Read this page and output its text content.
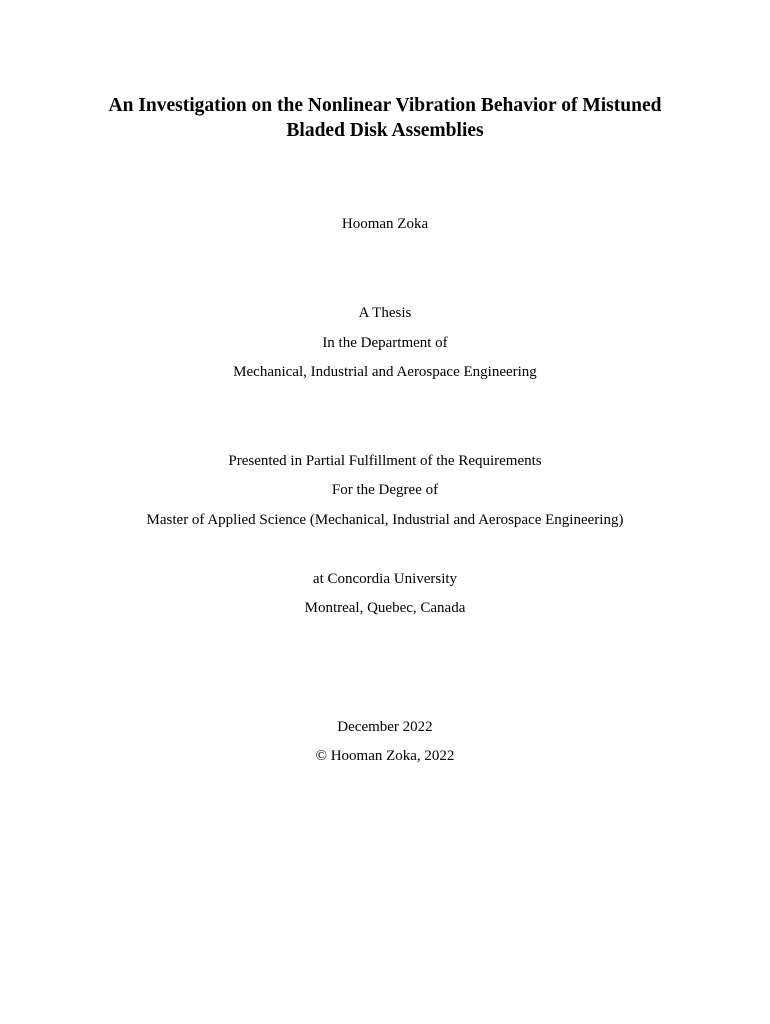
An Investigation on the Nonlinear Vibration Behavior of Mistuned
Bladed Disk Assemblies
Hooman Zoka
A Thesis
In the Department of
Mechanical, Industrial and Aerospace Engineering
Presented in Partial Fulfillment of the Requirements
For the Degree of
Master of Applied Science (Mechanical, Industrial and Aerospace Engineering)
at Concordia University
Montreal, Quebec, Canada
December 2022
© Hooman Zoka, 2022
